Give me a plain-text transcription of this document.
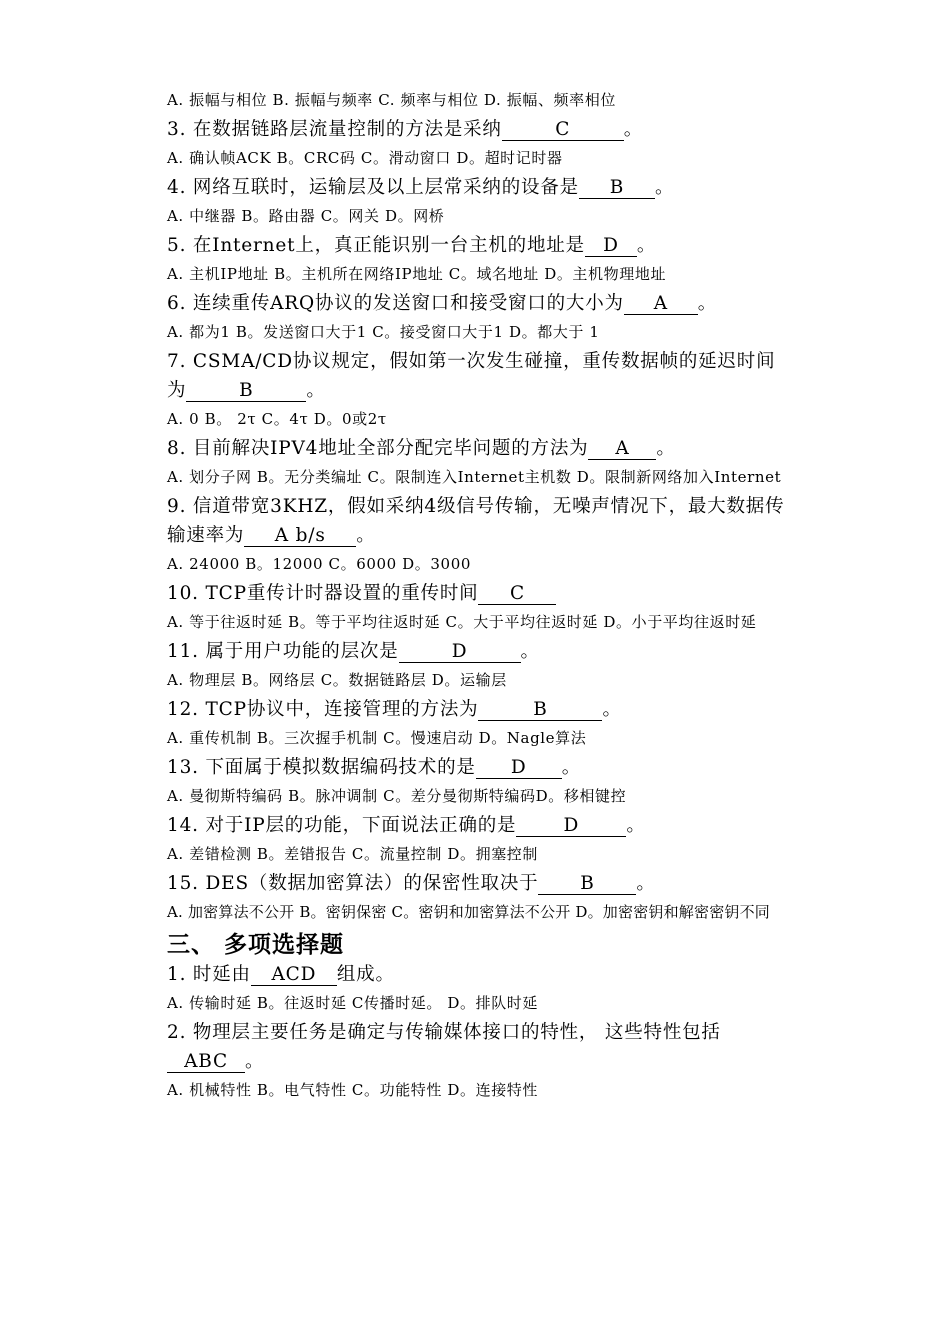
A. 振幅与相位 B. 振幅与频率 C. 频率与相位 D. 振幅、频率相位
3. 在数据链路层流量控制的方法是采纳	C	。
A. 确认帧ACK B。CRC码 C。滑动窗口 D。超时记时器
4. 网络互联时，运输层及以上层常采纳的设备是 B 。
A. 中继器 B。路由器 C。网关 D。网桥
5. 在Internet上，真正能识别一台主机的地址是 D 。
A. 主机IP地址 B。主机所在网络IP地址 C。域名地址 D。主机物理地址
6. 连续重传ARQ协议的发送窗口和接受窗口的大小为 A 。
A. 都为1 B。发送窗口大于1 C。接受窗口大于1 D。都大于 1
7. CSMA/CD协议规定，假如第一次发生碰撞，重传数据帧的延迟时间为	B	。
A. 0 B。 2τ C。4τ D。0或2τ
8. 目前解决IPV4地址全部分配完毕问题的方法为 A 。
A. 划分子网 B。无分类编址 C。限制连入Internet主机数 D。限制新网络加入Internet
9. 信道带宽3KHZ，假如采纳4级信号传输，无噪声情况下，最大数据传输速率为 A b/s 。
A. 24000 B。12000 C。6000 D。3000
10. TCP重传计时器设置的重传时间 C
A. 等于往返时延 B。等于平均往返时延 C。大于平均往返时延 D。小于平均往返时延
11. 属于用户功能的层次是	D	。
A. 物理层 B。网络层 C。数据链路层 D。运输层
12. TCP协议中，连接管理的方法为	B	。
A. 重传机制 B。三次握手机制 C。慢速启动 D。Nagle算法
13. 下面属于模拟数据编码技术的是 D 。
A. 曼彻斯特编码 B。脉冲调制 C。差分曼彻斯特编码D。移相键控
14. 对于IP层的功能，下面说法正确的是	D	。
A. 差错检测 B。差错报告 C。流量控制 D。拥塞控制
15. DES（数据加密算法）的保密性取决于 B 。
A. 加密算法不公开 B。密钥保密 C。密钥和加密算法不公开 D。加密密钥和解密密钥不同
三、 多项选择题
1. 时延由 ACD 组成。
A. 传输时延 B。往返时延 C传播时延。 D。排队时延
2. 物理层主要任务是确定与传输媒体接口的特性， 这些特性包括ABC 。
A. 机械特性 B。电气特性 C。功能特性 D。连接特性
